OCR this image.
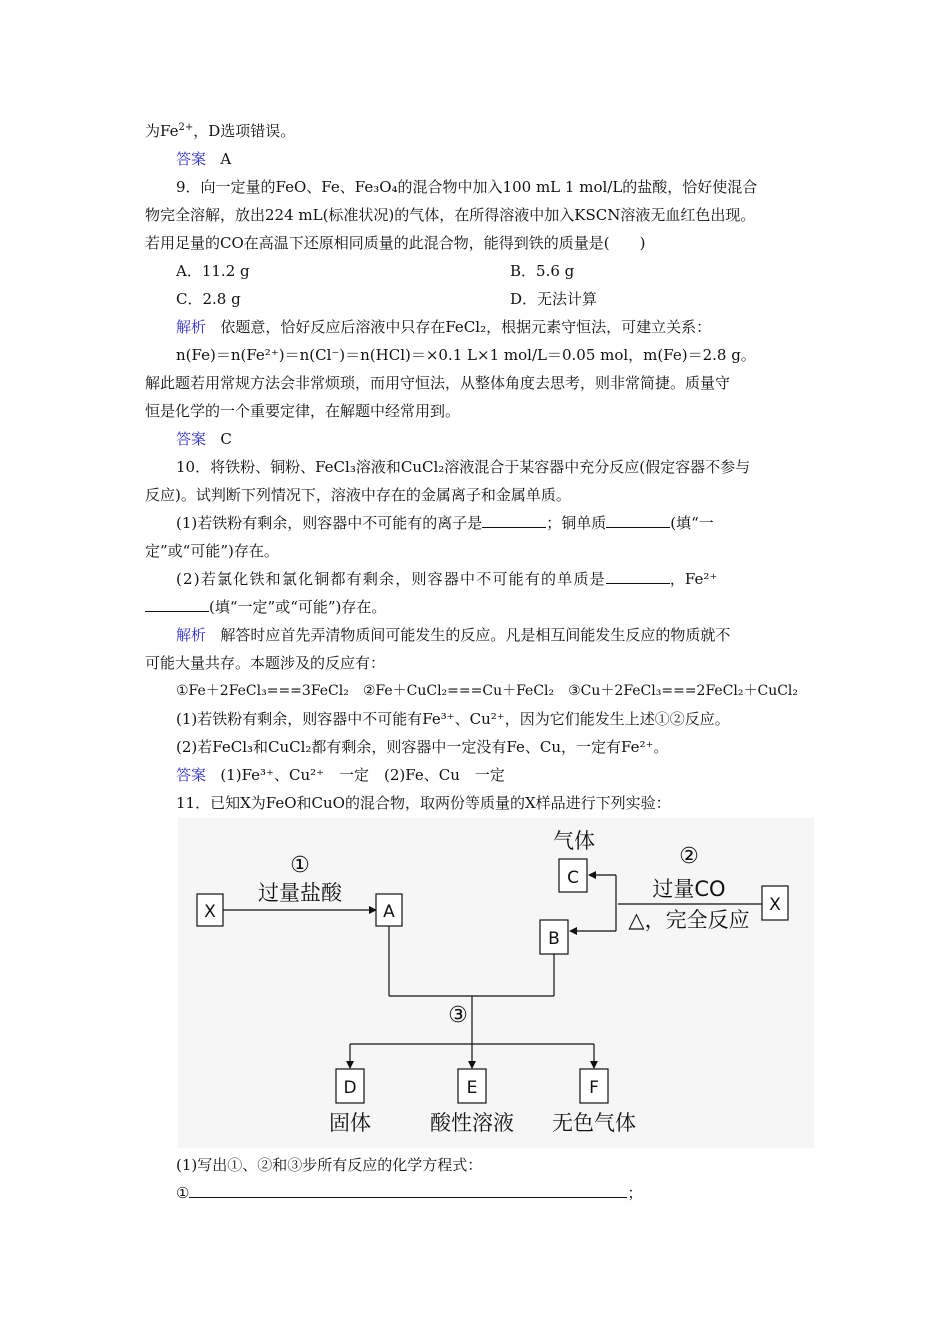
为$Fe^{2+}$，D选项错误。
答案 A
9．向一定量的FeO、Fe、Fe₃O₄的混合物中加入100 mL 1 mol/L的盐酸，恰好使混合
物完全溶解，放出224 mL(标准状况)的气体，在所得溶液中加入KSCN溶液无血红色出现。
若用足量的CO在高温下还原相同质量的此混合物，能得到铁的质量是(　　)
A．11.2 g	B．5.6 g
C．2.8 g	D．无法计算
解析 依题意，恰好反应后溶液中只存在FeCl₂，根据元素守恒法，可建立关系：
n(Fe)＝n(Fe²⁺)＝n(Cl⁻)＝n(HCl)＝×0.1 L×1 mol/L＝0.05 mol，m(Fe)＝2.8 g。
解此题若用常规方法会非常烦琐，而用守恒法，从整体角度去思考，则非常简捷。质量守
恒是化学的一个重要定律，在解题中经常用到。
答案 C
10．将铁粉、铜粉、FeCl₃溶液和CuCl₂溶液混合于某容器中充分反应(假定容器不参与
反应)。试判断下列情况下，溶液中存在的金属离子和金属单质。
(1)若铁粉有剩余，则容器中不可能有的离子是	；铜单质	(填“一
定”或“可能”)存在。
(2)若氯化铁和氯化铜都有剩余，则容器中不可能有的单质是	，Fe²⁺
(填“一定”或“可能”)存在。
解析 解答时应首先弄清物质间可能发生的反应。凡是相互间能发生反应的物质就不
可能大量共存。本题涉及的反应有：
①Fe＋2FeCl₃===3FeCl₂　②Fe＋CuCl₂===Cu＋FeCl₂　③Cu＋2FeCl₃===2FeCl₂＋CuCl₂
(1)若铁粉有剩余，则容器中不可能有Fe³⁺、Cu²⁺，因为它们能发生上述①②反应。
(2)若FeCl₃和CuCl₂都有剩余，则容器中一定没有Fe、Cu，一定有Fe²⁺。
答案 (1)Fe³⁺、Cu²⁺　一定　(2)Fe、Cu　一定
11．已知X为FeO和CuO的混合物，取两份等质量的X样品进行下列实验：
X
①
过量盐酸
A
气体
C
②
过量CO
△，完全反应
X
B
③
D	E	F
固体	酸性溶液 无色气体
(1)写出①、②和③步所有反应的化学方程式：
①	；
